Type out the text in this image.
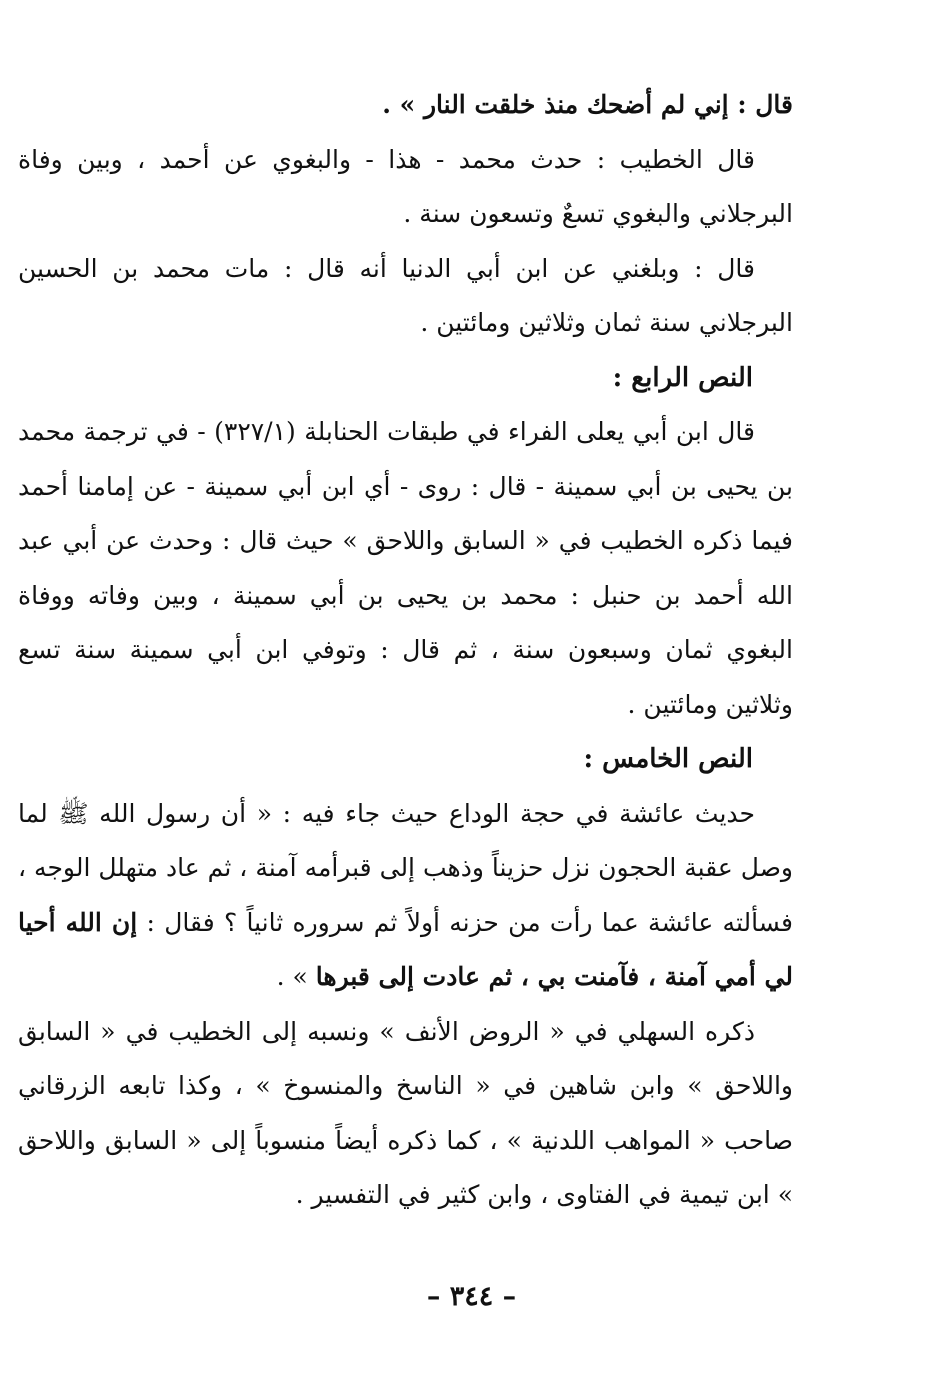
قال : إني لم أضحك منذ خلقت النار » .

قال الخطيب : حدث محمد - هذا - والبغوي عن أحمد ، وبين وفاة البرجلاني والبغوي تسعٌ وتسعون سنة .

قال : وبلغني عن ابن أبي الدنيا أنه قال : مات محمد بن الحسين البرجلاني سنة ثمان وثلاثين ومائتين .

النص الرابع :

قال ابن أبي يعلى الفراء في طبقات الحنابلة (٣٢٧/١) - في ترجمة محمد بن يحيى بن أبي سمينة - قال : روى - أي ابن أبي سمينة - عن إمامنا أحمد فيما ذكره الخطيب في « السابق واللاحق » حيث قال : وحدث عن أبي عبد الله أحمد بن حنبل : محمد بن يحيى بن أبي سمينة ، وبين وفاته ووفاة البغوي ثمان وسبعون سنة ، ثم قال : وتوفي ابن أبي سمينة سنة تسع وثلاثين ومائتين .

النص الخامس :

حديث عائشة في حجة الوداع حيث جاء فيه : « أن رسول الله ﷺ لما وصل عقبة الحجون نزل حزيناً وذهب إلى قبرأمه آمنة ، ثم عاد متهلل الوجه ، فسألته عائشة عما رأت من حزنه أولاً ثم سروره ثانياً ؟ فقال : إن الله أحيا لي أمي آمنة ، فآمنت بي ، ثم عادت إلى قبرها » .

ذكره السهلي في « الروض الأنف » ونسبه إلى الخطيب في « السابق واللاحق » وابن شاهين في « الناسخ والمنسوخ » ، وكذا تابعه الزرقاني صاحب « المواهب اللدنية » ، كما ذكره أيضاً منسوباً إلى « السابق واللاحق » ابن تيمية في الفتاوى ، وابن كثير في التفسير .

– ٣٤٤ –
